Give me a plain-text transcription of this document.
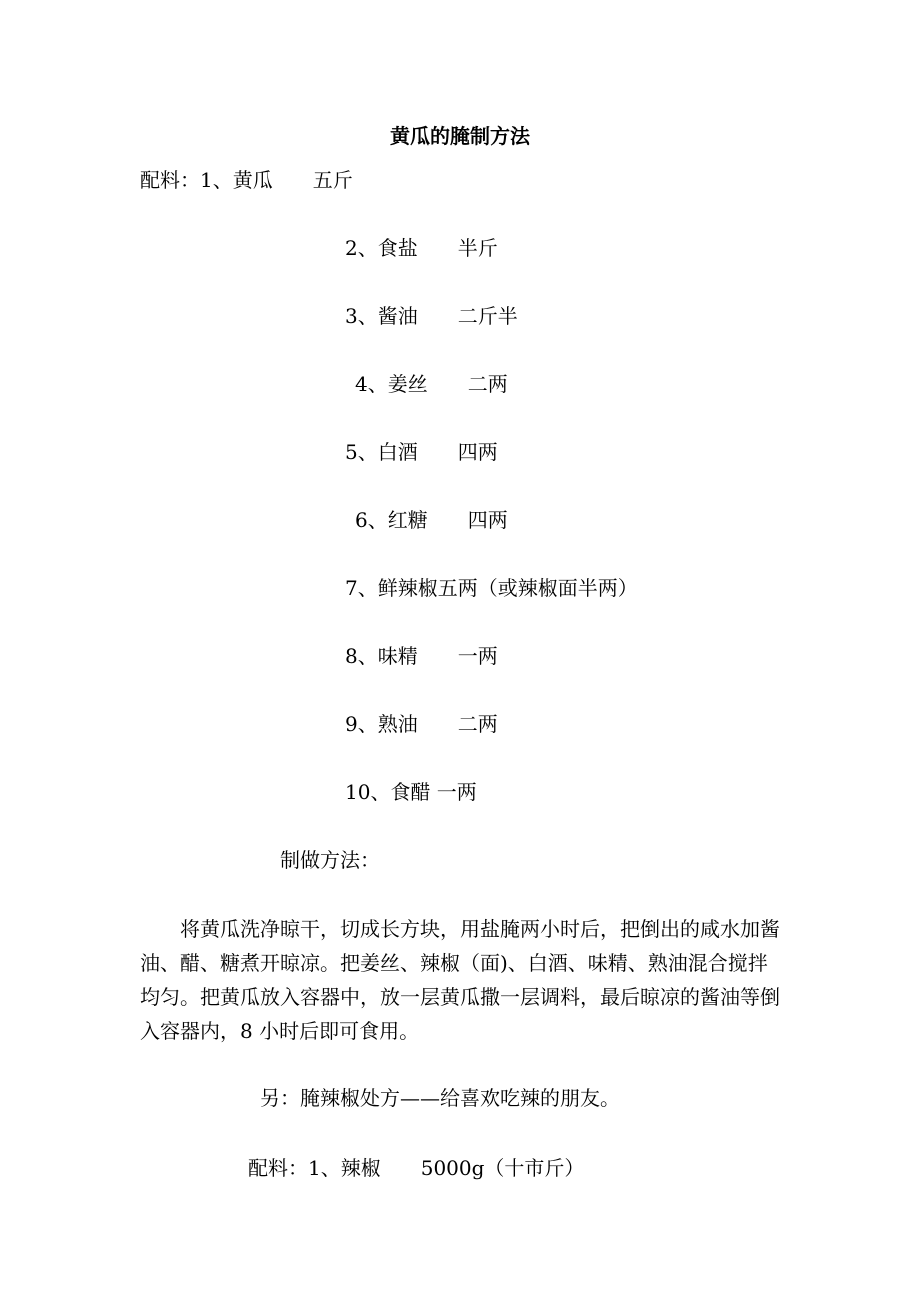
黄瓜的腌制方法
配料：1、黄瓜　　五斤
2、食盐　　半斤
3、酱油　　二斤半
4、姜丝　　二两
5、白酒　　四两
6、红糖　　四两
7、鲜辣椒五两（或辣椒面半两）
8、味精　　一两
9、熟油　　二两
10、食醋 一两
制做方法：
将黄瓜洗净晾干，切成长方块，用盐腌两小时后，把倒出的咸水加酱油、醋、糖煮开晾凉。把姜丝、辣椒（面)、白酒、味精、熟油混合搅拌均匀。把黄瓜放入容器中，放一层黄瓜撒一层调料，最后晾凉的酱油等倒入容器内，8 小时后即可食用。
另：腌辣椒处方——给喜欢吃辣的朋友。
配料：1、辣椒　　5000g（十市斤）
